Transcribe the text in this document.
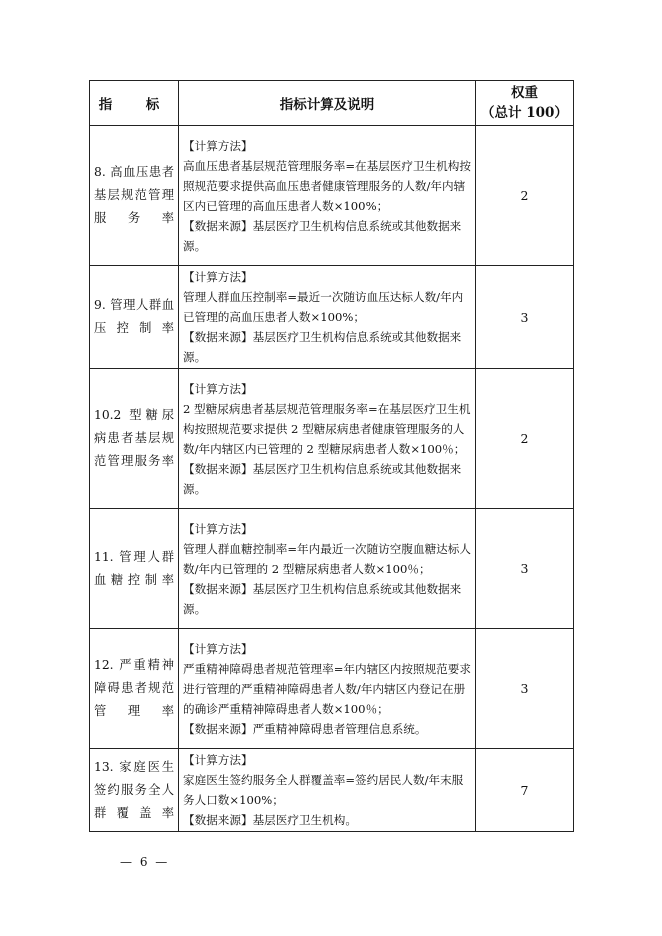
指　标	指标计算及说明	权重
（总计 100）

8. 高血压患者基层规范管理服务率	【计算方法】

高血压患者基层规范管理服务率=在基层医疗卫生机构按照规范要求提供高血压患者健康管理服务的人数/年内辖区内已管理的高血压患者人数×100%；

【数据来源】基层医疗卫生机构信息系统或其他数据来源。	2
9. 管理人群血压控制率	【计算方法】

管理人群血压控制率=最近一次随访血压达标人数/年内已管理的高血压患者人数×100%；

【数据来源】基层医疗卫生机构信息系统或其他数据来源。	3
10.2 型糖尿病患者基层规范管理服务率	【计算方法】

2 型糖尿病患者基层规范管理服务率=在基层医疗卫生机构按照规范要求提供 2 型糖尿病患者健康管理服务的人数/年内辖区内已管理的 2 型糖尿病患者人数×100％；

【数据来源】基层医疗卫生机构信息系统或其他数据来源。	2
11. 管理人群血糖控制率	【计算方法】

管理人群血糖控制率=年内最近一次随访空腹血糖达标人数/年内已管理的 2 型糖尿病患者人数×100％；

【数据来源】基层医疗卫生机构信息系统或其他数据来源。	3
12. 严重精神障碍患者规范管理率	【计算方法】

严重精神障碍患者规范管理率=年内辖区内按照规范要求进行管理的严重精神障碍患者人数/年内辖区内登记在册的确诊严重精神障碍患者人数×100％；

【数据来源】严重精神障碍患者管理信息系统。	3
13. 家庭医生签约服务全人群覆盖率	【计算方法】

家庭医生签约服务全人群覆盖率=签约居民人数/年末服务人口数×100%；

【数据来源】基层医疗卫生机构。	7
— 6 —
